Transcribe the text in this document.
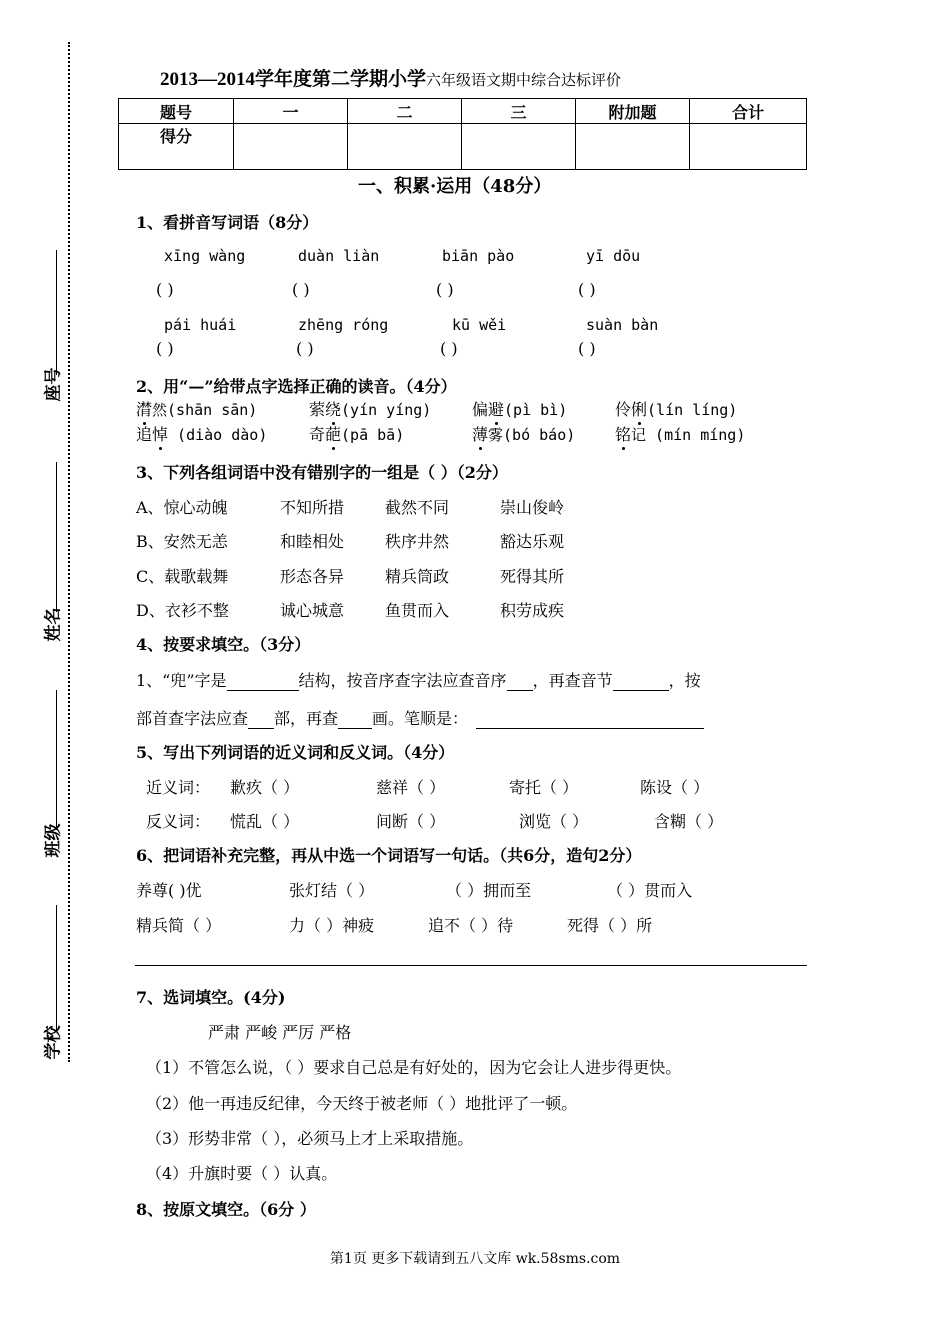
座号
姓名
班级
学校
2013—2014学年度第二学期小学六年级语文期中综合达标评价
题号	一	二	三	附加题	合计
得分					
一、积累·运用（48分）
1、看拼音写词语（8分）
xīng wàng	duàn liàn	biān pào	yī dōu
( )	( )	( )	( )
pái huái	zhēng róng	kū wěi	suàn bàn
( )	( )	( )	( )
2、用“—”给带点字选择正确的读音。（4分）
潸然(shān sān)	萦绕(yín yíng)	偏避(pì bì)	伶俐(lín líng)
追悼 (diào dào)	奇葩(pā bā)	薄雾(bó báo) 铭记 (mín míng)
3、下列各组词语中没有错别字的一组是（ ）（2分）
A、惊心动魄	不知所措	截然不同	崇山俊岭
B、安然无恙	和睦相处	秩序井然	豁达乐观
C、载歌载舞	形态各异	精兵筒政	死得其所
D、衣衫不整	诚心城意	鱼贯而入	积劳成疾
4、按要求填空。（3分）
1、“兜”字是	结构，按音序查字法应查音序 ，再查音节	，按
部首查字法应查 部，再查 画。笔顺是：
5、写出下列词语的近义词和反义词。（4分）
近义词： 歉疚（ ）	慈祥（ ）	寄托（ ）	陈设（ ）
反义词： 慌乱（ ）	间断（ ）	浏览（ ）	含糊（ ）
6、把词语补充完整，再从中选一个词语写一句话。（共6分，造句2分）
养尊( )优	张灯结（ ）	（ ）拥而至	（ ）贯而入
精兵简（ ）	力（ ）神疲	追不（ ）待	死得（ ）所
7、选词填空。(4分)
严肃 严峻 严厉 严格
（1）不管怎么说，（ ）要求自己总是有好处的，因为它会让人进步得更快。
（2）他一再违反纪律，今天终于被老师（ ）地批评了一顿。
（3）形势非常（ ），必须马上才上采取措施。
（4）升旗时要（ ）认真。
8、按原文填空。（6分 ）
第1页 更多下载请到五八文库 wk.58sms.com
